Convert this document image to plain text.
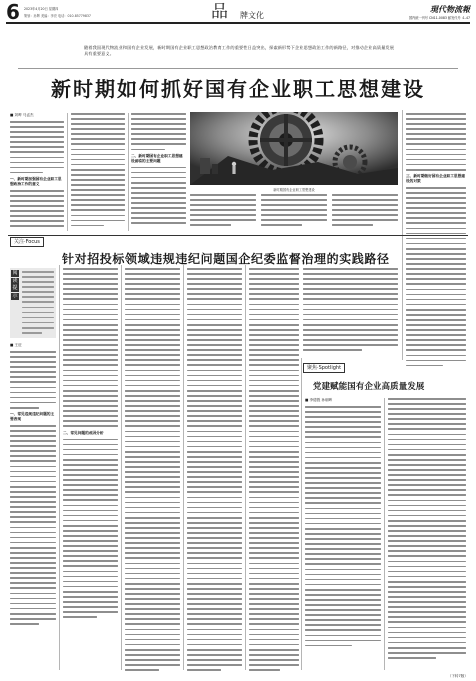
6 2023年4月20日 星期四
策划：孙辉 美编：李亮 电话：010-85779837	品 牌文化
現代物流報
国内统一刊号 CN11-0083 邮发代号 :1-47
随着我国现代物流业和国有企业发展，新时期国有企业职工思想政治教育工作的重要性日益突出，探索新形势下企业思想政治工作的新路径，对推动企业高质量发展具有重要意义。
新时期如何抓好国有企业职工思想建设
■ 刘晔 马孟杰
一、新时期加强国有企业职工思想政治工作的意义
二、新时期国有企业职工思想建设面临的主要问题
新时期国有企业职工思想建设
三、新时期做好国有企业职工思想建设的对策
关注·Focus
针对招投标领域违规违纪问题国企纪委监督治理的实践路径
阅
读
提
示
■ 王征
一、常见违规违纪问题的主要表现
二、常见问题的成因分析
聚焦·Spotlight
党建赋能国有企业高质量发展
■ 李德胜 孙朝晖
（下转7版）
